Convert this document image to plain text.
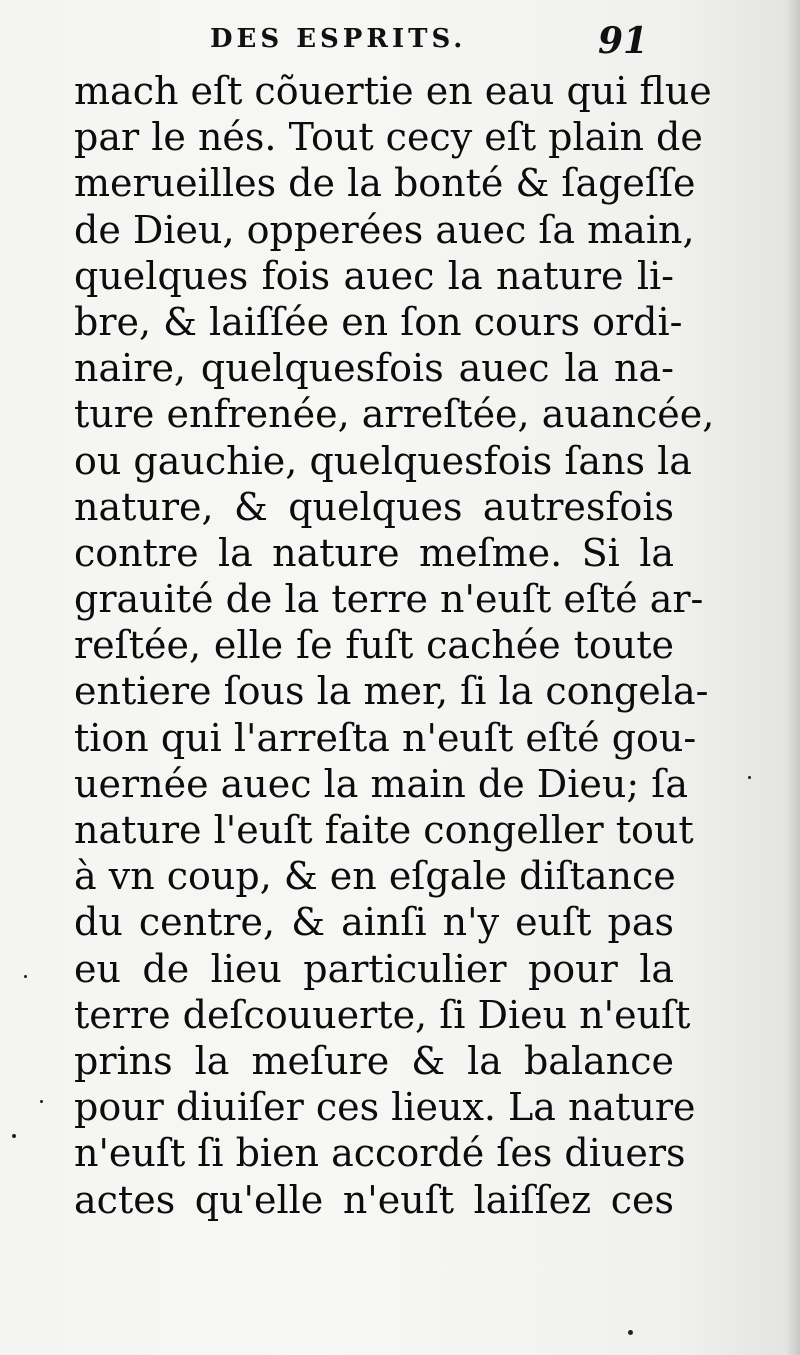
DES ESPRITS.	91
mach eſt cõuertie en eau qui flue
par le nés. Tout cecy eſt plain de
merueilles de la bonté & ſageſſe
de Dieu, opperées auec ſa main,
quelques fois auec la nature li-
bre, & laiſſée en ſon cours ordi-
naire, quelquesfois auec la na-
ture enfrenée, arreſtée, auancée,
ou gauchie, quelquesfois ſans la
nature, & quelques autresfois
contre la nature meſme. Si la
grauité de la terre n'euſt eſté ar-
reſtée, elle ſe fuſt cachée toute
entiere ſous la mer, ſi la congela-
tion qui l'arreſta n'euſt eſté gou-
uernée auec la main de Dieu; ſa
nature l'euſt faite congeller tout
à vn coup, & en eſgale diſtance
du centre, & ainſi n'y euſt pas
eu de lieu particulier pour la
terre deſcouuerte, ſi Dieu n'euſt
prins la meſure & la balance
pour diuiſer ces lieux. La nature
n'euſt ſi bien accordé ſes diuers
actes qu'elle n'euſt laiſſez ces
